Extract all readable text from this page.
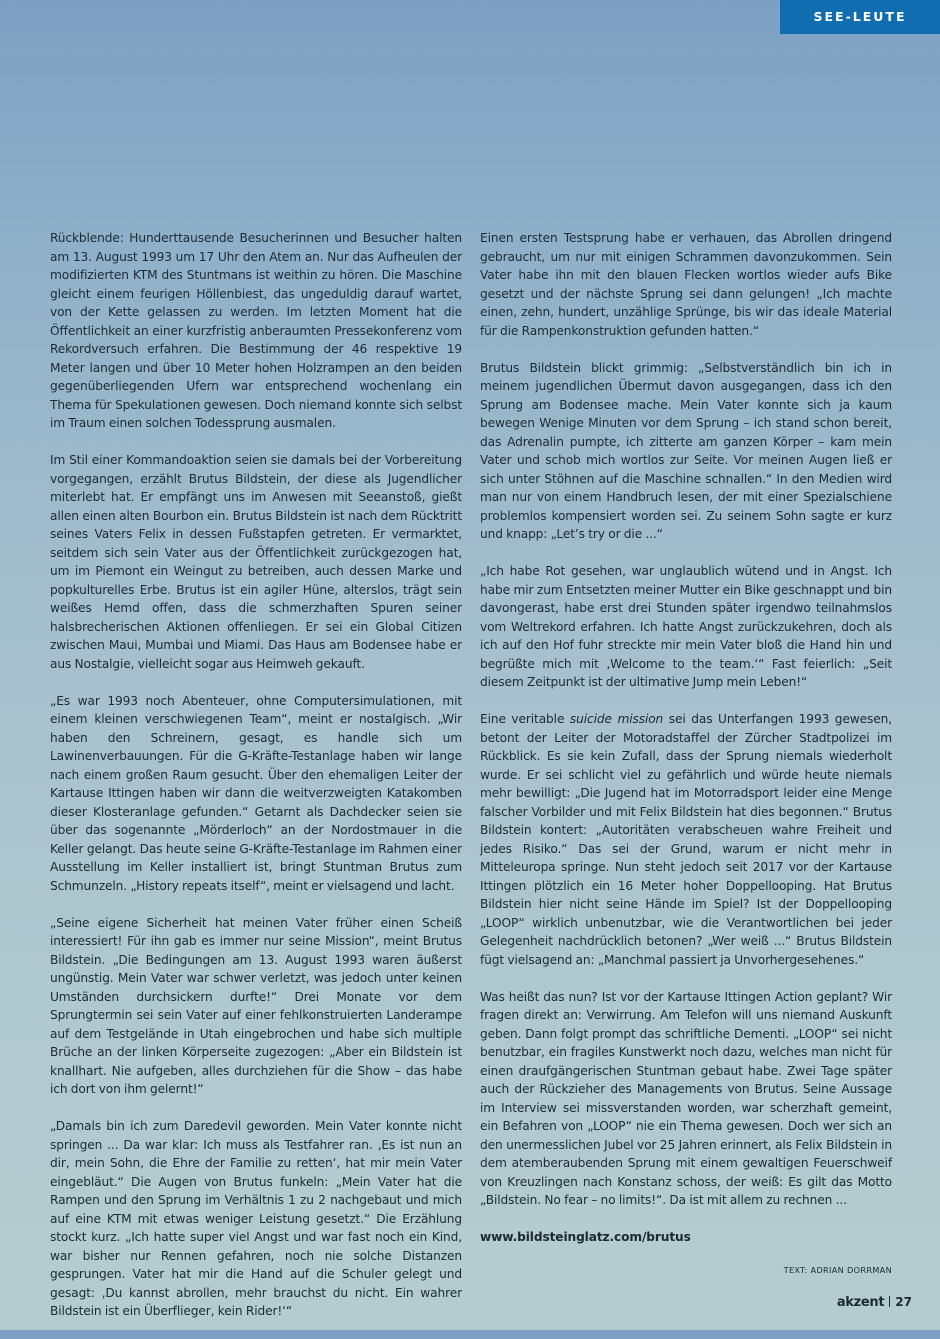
SEE-LEUTE

Rückblende: Hunderttausende Besucherinnen und Besucher halten am 13. August 1993 um 17 Uhr den Atem an. Nur das Aufheulen der modifizierten KTM des Stuntmans ist weithin zu hören. Die Maschine gleicht einem feurigen Höllenbiest, das ungeduldig darauf wartet, von der Kette gelassen zu werden. Im letzten Moment hat die Öffentlichkeit an einer kurzfristig anberaumten Pressekonferenz vom Rekordversuch erfahren. Die Bestimmung der 46 respektive 19 Meter langen und über 10 Meter hohen Holzrampen an den beiden gegenüberliegenden Ufern war entsprechend wochenlang ein Thema für Spekulationen gewesen. Doch niemand konnte sich selbst im Traum einen solchen Todessprung ausmalen.

Im Stil einer Kommandoaktion seien sie damals bei der Vorbereitung vorgegangen, erzählt Brutus Bildstein, der diese als Jugendlicher miterlebt hat. Er empfängt uns im Anwesen mit Seeanstoß, gießt allen einen alten Bourbon ein. Brutus Bildstein ist nach dem Rücktritt seines Vaters Felix in dessen Fußstapfen getreten. Er vermarktet, seitdem sich sein Vater aus der Öffentlichkeit zurückgezogen hat, um im Piemont ein Weingut zu betreiben, auch dessen Marke und popkulturelles Erbe. Brutus ist ein agiler Hüne, alterslos, trägt sein weißes Hemd offen, dass die schmerzhaften Spuren seiner halsbrecherischen Aktionen offenliegen. Er sei ein Global Citizen zwischen Maui, Mumbai und Miami. Das Haus am Bodensee habe er aus Nostalgie, vielleicht sogar aus Heimweh gekauft.

„Es war 1993 noch Abenteuer, ohne Computersimulationen, mit einem kleinen verschwiegenen Team“, meint er nostalgisch. „Wir haben den Schreinern, gesagt, es handle sich um Lawinenverbauungen. Für die G-Kräfte-Testanlage haben wir lange nach einem großen Raum gesucht. Über den ehemaligen Leiter der Kartause Ittingen haben wir dann die weitverzweigten Katakomben dieser Klosteranlage gefunden.“ Getarnt als Dachdecker seien sie über das sogenannte „Mörderloch“ an der Nordostmauer in die Keller gelangt. Das heute seine G-Kräfte-Testanlage im Rahmen einer Ausstellung im Keller installiert ist, bringt Stuntman Brutus zum Schmunzeln. „History repeats itself“, meint er vielsagend und lacht.

„Seine eigene Sicherheit hat meinen Vater früher einen Scheiß interessiert! Für ihn gab es immer nur seine Mission“, meint Brutus Bildstein. „Die Bedingungen am 13. August 1993 waren äußerst ungünstig. Mein Vater war schwer verletzt, was jedoch unter keinen Umständen durchsickern durfte!“ Drei Monate vor dem Sprungtermin sei sein Vater auf einer fehlkonstruierten Landerampe auf dem Testgelände in Utah eingebrochen und habe sich multiple Brüche an der linken Körperseite zugezogen: „Aber ein Bildstein ist knallhart. Nie aufgeben, alles durchziehen für die Show – das habe ich dort von ihm gelernt!“

„Damals bin ich zum Daredevil geworden. Mein Vater konnte nicht springen ... Da war klar: Ich muss als Testfahrer ran. ‚Es ist nun an dir, mein Sohn, die Ehre der Familie zu retten‘, hat mir mein Vater eingebläut.“ Die Augen von Brutus funkeln: „Mein Vater hat die Rampen und den Sprung im Verhältnis 1 zu 2 nachgebaut und mich auf eine KTM mit etwas weniger Leistung gesetzt.“ Die Erzählung stockt kurz. „Ich hatte super viel Angst und war fast noch ein Kind, war bisher nur Rennen gefahren, noch nie solche Distanzen gesprungen. Vater hat mir die Hand auf die Schuler gelegt und gesagt: ‚Du kannst abrollen, mehr brauchst du nicht. Ein wahrer Bildstein ist ein Überflieger, kein Rider!‘“

Einen ersten Testsprung habe er verhauen, das Abrollen dringend gebraucht, um nur mit einigen Schrammen davonzukommen. Sein Vater habe ihn mit den blauen Flecken wortlos wieder aufs Bike gesetzt und der nächste Sprung sei dann gelungen! „Ich machte einen, zehn, hundert, unzählige Sprünge, bis wir das ideale Material für die Rampenkonstruktion gefunden hatten.“

Brutus Bildstein blickt grimmig: „Selbstverständlich bin ich in meinem jugendlichen Übermut davon ausgegangen, dass ich den Sprung am Bodensee mache. Mein Vater konnte sich ja kaum bewegen Wenige Minuten vor dem Sprung – ich stand schon bereit, das Adrenalin pumpte, ich zitterte am ganzen Körper – kam mein Vater und schob mich wortlos zur Seite. Vor meinen Augen ließ er sich unter Stöhnen auf die Maschine schnallen.“ In den Medien wird man nur von einem Handbruch lesen, der mit einer Spezialschiene problemlos kompensiert worden sei. Zu seinem Sohn sagte er kurz und knapp: „Let’s try or die ...“

„Ich habe Rot gesehen, war unglaublich wütend und in Angst. Ich habe mir zum Entsetzten meiner Mutter ein Bike geschnappt und bin davongerast, habe erst drei Stunden später irgendwo teilnahmslos vom Weltrekord erfahren. Ich hatte Angst zurückzukehren, doch als ich auf den Hof fuhr streckte mir mein Vater bloß die Hand hin und begrüßte mich mit ‚Welcome to the team.‘“ Fast feierlich: „Seit diesem Zeitpunkt ist der ultimative Jump mein Leben!“

Eine veritable suicide mission sei das Unterfangen 1993 gewesen, betont der Leiter der Motoradstaffel der Zürcher Stadtpolizei im Rückblick. Es sie kein Zufall, dass der Sprung niemals wiederholt wurde. Er sei schlicht viel zu gefährlich und würde heute niemals mehr bewilligt: „Die Jugend hat im Motorradsport leider eine Menge falscher Vorbilder und mit Felix Bildstein hat dies begonnen.“ Brutus Bildstein kontert: „Autoritäten verabscheuen wahre Freiheit und jedes Risiko.“ Das sei der Grund, warum er nicht mehr in Mitteleuropa springe. Nun steht jedoch seit 2017 vor der Kartause Ittingen plötzlich ein 16 Meter hoher Doppellooping. Hat Brutus Bildstein hier nicht seine Hände im Spiel? Ist der Doppellooping „LOOP“ wirklich unbenutzbar, wie die Verantwortlichen bei jeder Gelegenheit nachdrücklich betonen? „Wer weiß ...“ Brutus Bildstein fügt vielsagend an: „Manchmal passiert ja Unvorhergesehenes.“

Was heißt das nun? Ist vor der Kartause Ittingen Action geplant? Wir fragen direkt an: Verwirrung. Am Telefon will uns niemand Auskunft geben. Dann folgt prompt das schriftliche Dementi. „LOOP“ sei nicht benutzbar, ein fragiles Kunstwerkt noch dazu, welches man nicht für einen draufgängerischen Stuntman gebaut habe. Zwei Tage später auch der Rückzieher des Managements von Brutus. Seine Aussage im Interview sei missverstanden worden, war scherzhaft gemeint, ein Befahren von „LOOP“ nie ein Thema gewesen. Doch wer sich an den unermesslichen Jubel vor 25 Jahren erinnert, als Felix Bildstein in dem atemberaubenden Sprung mit einem gewaltigen Feuerschweif von Kreuzlingen nach Konstanz schoss, der weiß: Es gilt das Motto „Bildstein. No fear – no limits!“. Da ist mit allem zu rechnen ...

www.bildsteinglatz.com/brutus

TEXT: ADRIAN DORRMAN
akzent 27
